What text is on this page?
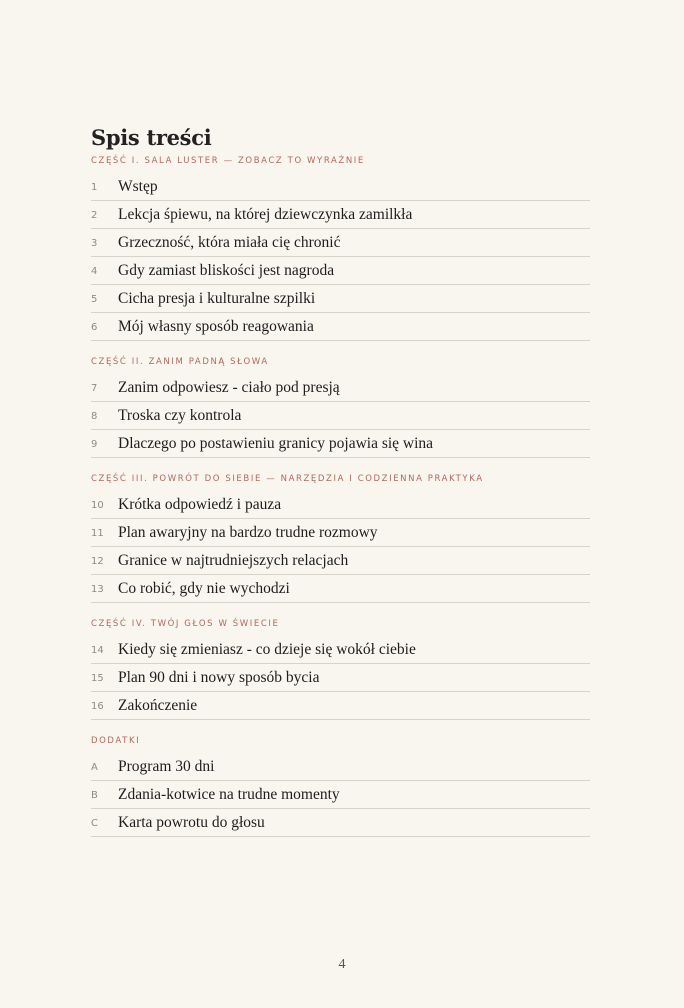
Spis treści
CZĘŚĆ I. SALA LUSTER — ZOBACZ TO WYRAŹNIE
1 Wstęp
2 Lekcja śpiewu, na której dziewczynka zamilkła
3 Grzeczność, która miała cię chronić
4 Gdy zamiast bliskości jest nagroda
5 Cicha presja i kulturalne szpilki
6 Mój własny sposób reagowania
CZĘŚĆ II. ZANIM PADNĄ SŁOWA
7 Zanim odpowiesz - ciało pod presją
8 Troska czy kontrola
9 Dlaczego po postawieniu granicy pojawia się wina
CZĘŚĆ III. POWRÓT DO SIEBIE — NARZĘDZIA I CODZIENNA PRAKTYKA
10 Krótka odpowiedź i pauza
11 Plan awaryjny na bardzo trudne rozmowy
12 Granice w najtrudniejszych relacjach
13 Co robić, gdy nie wychodzi
CZĘŚĆ IV. TWÓJ GŁOS W ŚWIECIE
14 Kiedy się zmieniasz - co dzieje się wokół ciebie
15 Plan 90 dni i nowy sposób bycia
16 Zakończenie
DODATKI
A Program 30 dni
B Zdania-kotwice na trudne momenty
C Karta powrotu do głosu
4
